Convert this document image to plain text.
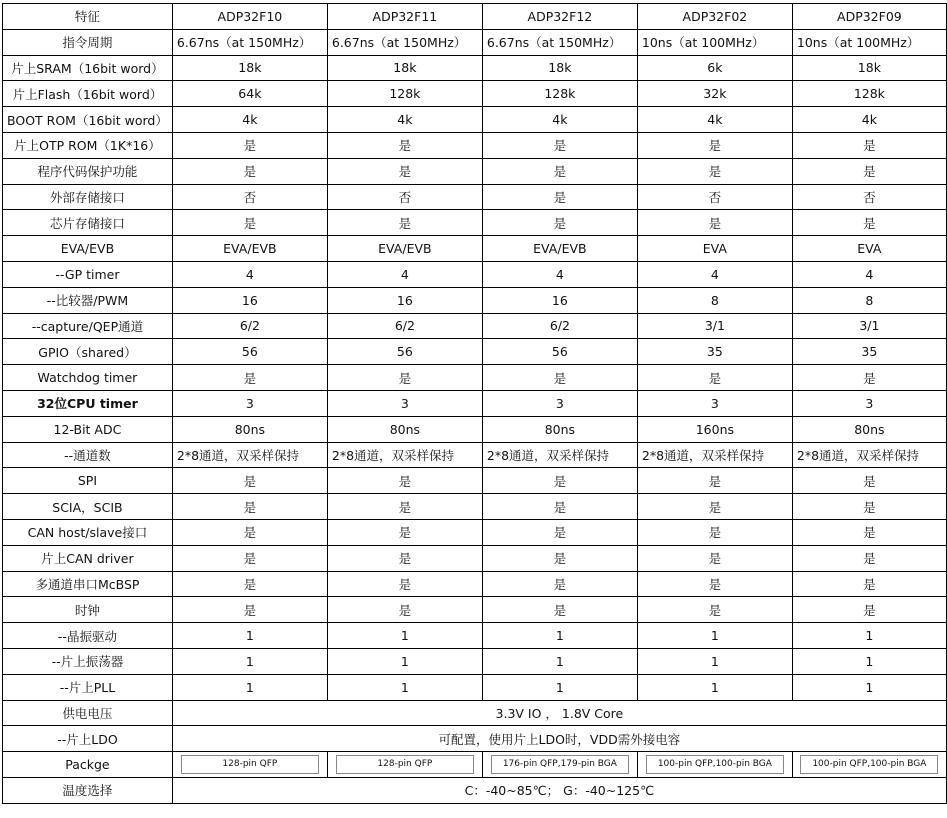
特征	ADP32F10	ADP32F11	ADP32F12	ADP32F02	ADP32F09
指令周期	6.67ns（at 150MHz）	6.67ns（at 150MHz）	6.67ns（at 150MHz）	10ns（at 100MHz）	10ns（at 100MHz）
片上SRAM（16bit word）	18k	18k	18k	6k	18k
片上Flash（16bit word）	64k	128k	128k	32k	128k
BOOT ROM（16bit word）	4k	4k	4k	4k	4k
片上OTP ROM（1K*16）	是	是	是	是	是
程序代码保护功能	是	是	是	是	是
外部存储接口	否	否	是	否	否
芯片存储接口	是	是	是	是	是
EVA/EVB	EVA/EVB	EVA/EVB	EVA/EVB	EVA	EVA
--GP timer	4	4	4	4	4
--比较器/PWM	16	16	16	8	8
--capture/QEP通道	6/2	6/2	6/2	3/1	3/1
GPIO（shared）	56	56	56	35	35
Watchdog timer	是	是	是	是	是
32位CPU timer	3	3	3	3	3
12-Bit ADC	80ns	80ns	80ns	160ns	80ns
--通道数	2*8通道，双采样保持	2*8通道，双采样保持	2*8通道，双采样保持	2*8通道，双采样保持	2*8通道，双采样保持
SPI	是	是	是	是	是
SCIA，SCIB	是	是	是	是	是
CAN host/slave接口	是	是	是	是	是
片上CAN driver	是	是	是	是	是
多通道串口McBSP	是	是	是	是	是
时钟	是	是	是	是	是
--晶振驱动	1	1	1	1	1
--片上振荡器	1	1	1	1	1
--片上PLL	1	1	1	1	1
供电电压	3.3V IO ， 1.8V Core				
--片上LDO	可配置，使用片上LDO时，VDD需外接电容				
Packge	128-pin QFP	128-pin QFP	176-pin QFP,179-pin BGA	100-pin QFP,100-pin BGA	100-pin QFP,100-pin BGA
温度选择	C：-40~85℃； G：-40~125℃				
